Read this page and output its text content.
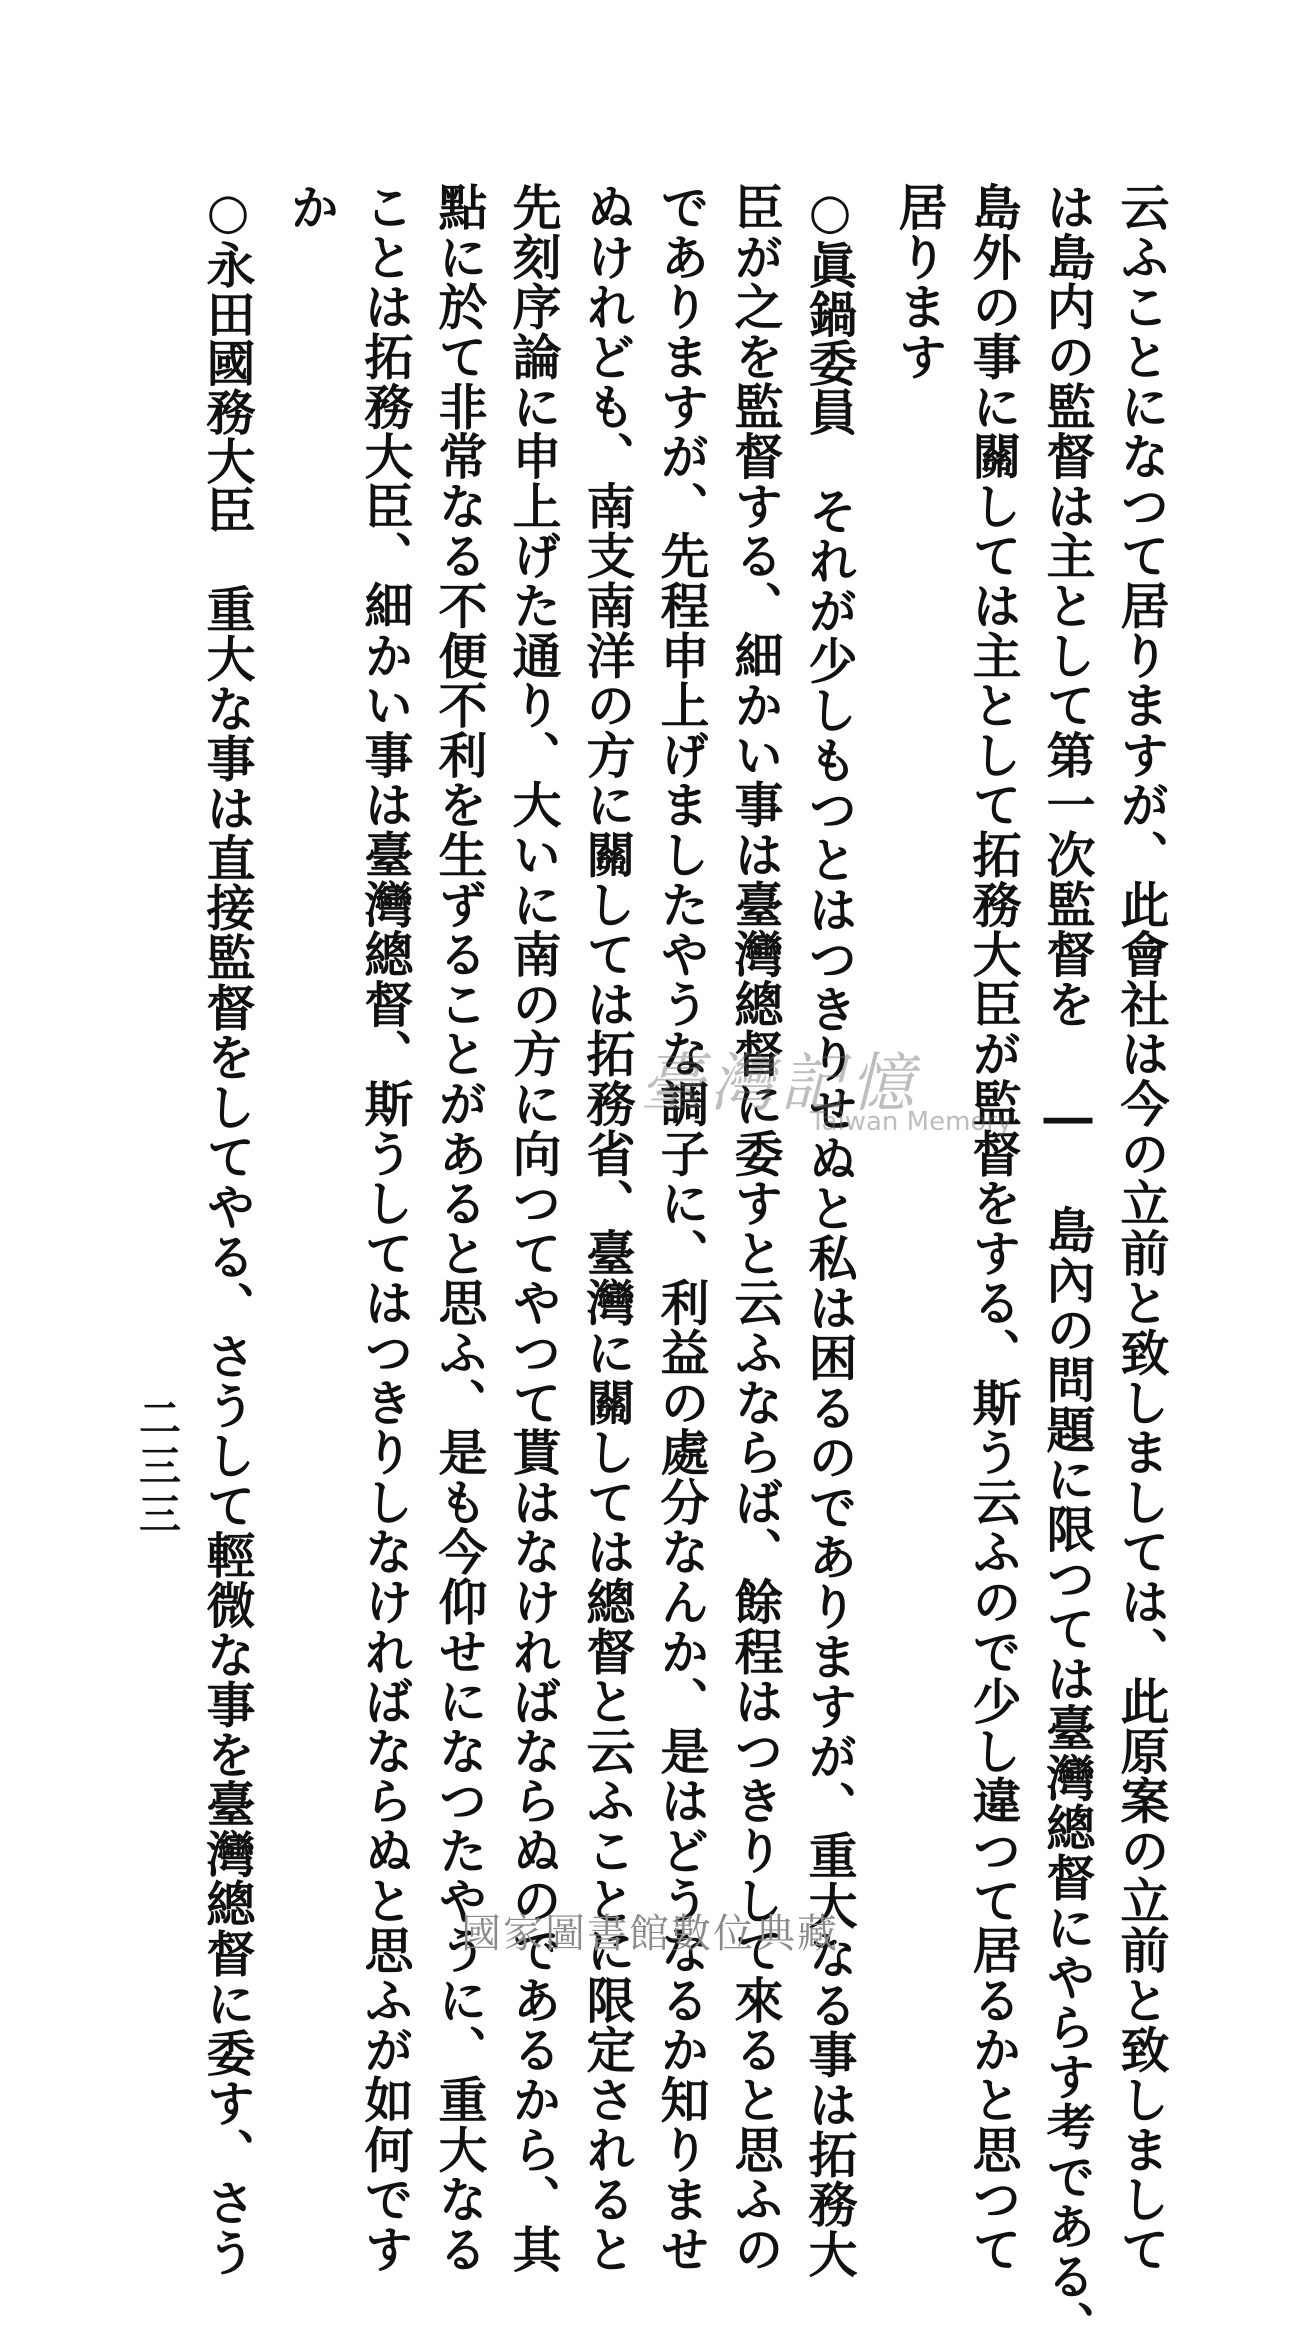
云ふことになつて居りますが、此會社は今の立前と致しましては、此原案の立前と致しまして
は島内の監督は主として第一次監督を ― 島內の問題に限つては臺灣總督にやらす考である、
島外の事に關しては主として拓務大臣が監督をする、斯う云ふので少し違つて居るかと思つて
居ります
○眞鍋委員　それが少しもつとはつきりせぬと私は困るのでありますが、重大なる事は拓務大
臣が之を監督する、細かい事は臺灣總督に委すと云ふならば、餘程はつきりして來ると思ふの
でありますが、先程申上げましたやうな調子に、利益の處分なんか、是はどうなるか知りませ
ぬけれども、南支南洋の方に關しては拓務省、臺灣に關しては總督と云ふことに限定されると
先刻序論に申上げた通り、大いに南の方に向つてやつて貰はなければならぬのであるから、其
點に於て非常なる不便不利を生ずることがあると思ふ、是も今仰せになつたやうに、重大なる
ことは拓務大臣、細かい事は臺灣總督、斯うしてはつきりしなければならぬと思ふが如何です
か
○永田國務大臣　重大な事は直接監督をしてやる、さうして輕微な事を臺灣總督に委す、さう
二三三
臺灣記憶
Taiwan Memory
國家圖書館數位典藏
